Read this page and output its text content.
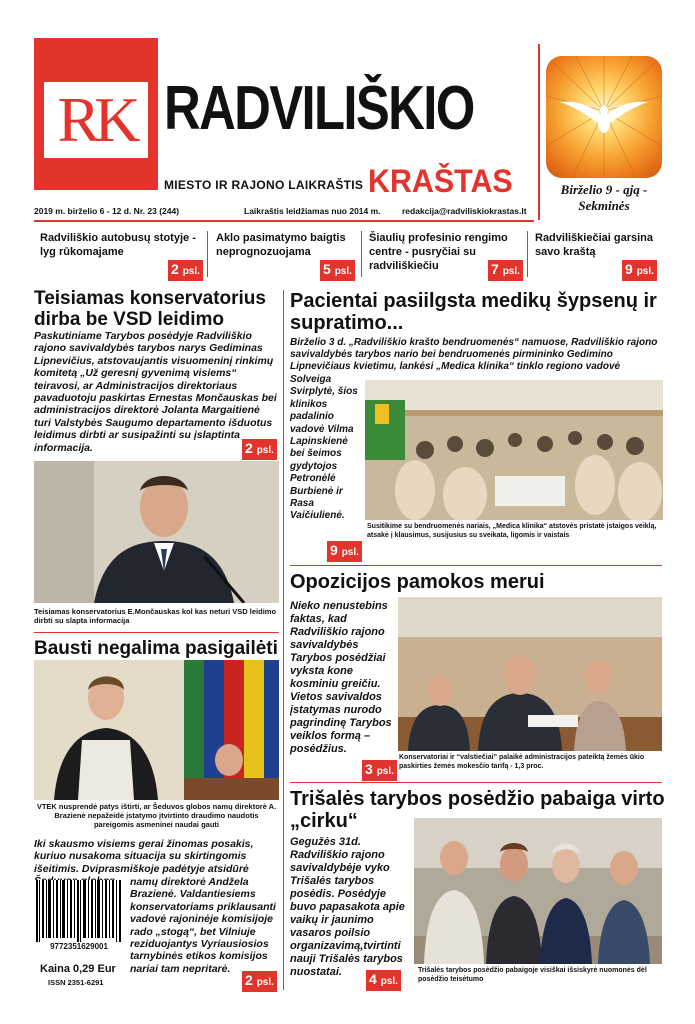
RK RADVILIŠKIO
MIESTO IR RAJONO LAIKRAŠTIS KRAŠTAS	Birželio 9 - ąją - Sekminės
2019 m. birželio 6 - 12 d. Nr. 23 (244)	Laikraštis leidžiamas nuo 2014 m.	redakcija@radviliskiokrastas.lt
Radviliškio autobusų stotyje - lyg rūkomajame
2 psl.
Aklo pasimatymo baigtis neprognozuojama
5 psl.
Šiaulių profesinio rengimo centre - pusryčiai su radviliškiečiu	7 psl.
Radviliškiečiai garsina savo kraštą
9 psl.
Teisiamas konservatorius dirba be VSD leidimo
Paskutiniame Tarybos posėdyje Radviliškio rajono savivaldybės tarybos narys Gediminas Lipnevičius, atstovaujantis visuomeninį rinkimų komitetą „Už geresnį gyvenimą visiems“ teiravosi, ar Administracijos direktoriaus pavaduotoju paskirtas Ernestas Mončauskas bei administracijos direktorė Jolanta Margaitienė turi Valstybės Saugumo departamento išduotus leidimus dirbti ar susipažinti su įslaptinta informacija.	2 psl.
Teisiamas konservatorius E.Mončauskas kol kas neturi VSD leidimo dirbti su slapta informacija
Bausti negalima pasigailėti
VTEK nusprendė patys ištirti, ar Šeduvos globos namų direktorė A. Brazienė nepažeidė įstatymo įtvirtinto draudimo naudotis pareigomis asmeninei naudai gauti
Iki skausmo visiems gerai žinomas posakis, kuriuo nusakoma situacija su skirtingomis išeitimis. Dviprasmiškoje padėtyje atsidūrė
namų direktorė Andžela Brazienė. Valdantiesiems konservatoriams priklausanti vadovė rajoninėje komisijoje rado „stogą“, bet Vilniuje reziduojantys Vyriausiosios tarnybinės etikos komisijos nariai tam nepritarė.
9772351629001
Kaina 0,29 Eur
ISSN 2351-6291	2 psl.
Pacientai pasiilgsta medikų šypsenų ir supratimo...
Birželio 3 d. „Radviliškio krašto bendruomenės“ namuose, Radviliškio rajono savivaldybės tarybos nario bei bendruomenės pirmininko Gedimino Lipnevičiaus kvietimu, lankėsi „Medica klinika“ tinklo regiono vadovė
Solveiga Svirplytė, šios klinikos padalinio vadovė Vilma Lapinskienė bei šeimos gydytojos Petronėlė Burbienė ir Rasa Vaičiulienė.
9 psl.
Susitikime su bendruomenės nariais, „Medica klinika“ atstovės pristatė įstaigos veiklą, atsakė į klausimus, susijusius su sveikata, ligomis ir vaistais
Opozicijos pamokos merui
Nieko nenustebins faktas, kad Radviliškio rajono savivaldybės Tarybos posėdžiai vyksta kone kosminiu greičiu. Vietos savivaldos įstatymas nurodo pagrindinę Tarybos veiklos formą – posėdžius.
3 psl.
Konservatoriai ir “valstiečiai” palaikė administracijos pateiktą žemės ūkio paskirties žemės mokesčio tarifą - 1,3 proc.
Trišalės tarybos posėdžio pabaiga virto „cirku“
Gegužės 31d. Radviliškio rajono savivaldybėje vyko Trišalės tarybos posėdis. Posėdyje buvo papasakota apie vaikų ir jaunimo vasaros poilsio organizavimą,tvirtinti nauji Trišalės tarybos nuostatai.	4 psl.
Trišalės tarybos posėdžio pabaigoje visiškai išsiskyrė nuomonės dėl posėdžio teisėtumo
